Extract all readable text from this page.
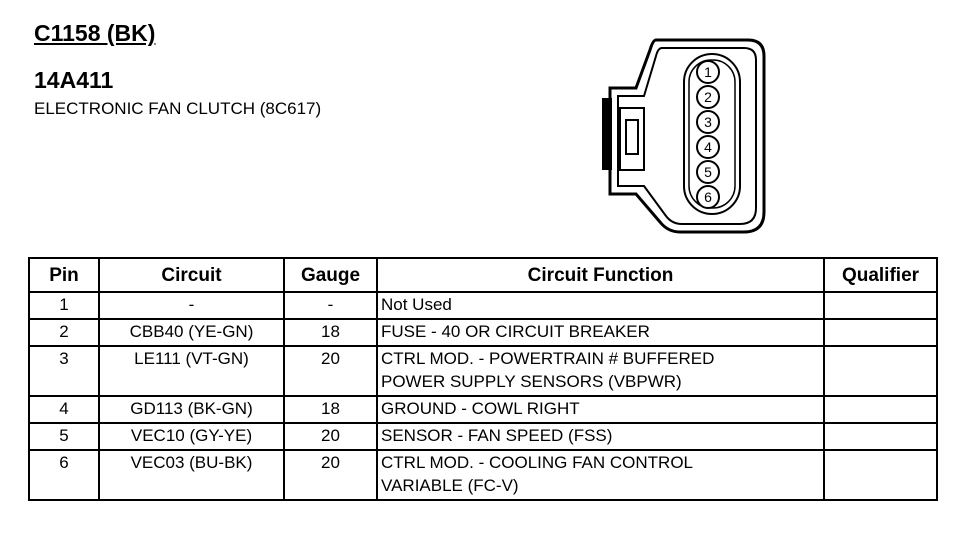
C1158 (BK)
14A411
ELECTRONIC FAN CLUTCH (8C617)
1
2
3
4
5
6
Pin	Circuit	Gauge	Circuit Function	Qualifier
1	-	-	Not Used	
2	CBB40 (YE-GN)	18	FUSE - 40 OR CIRCUIT BREAKER	
3	LE111 (VT-GN)	20	CTRL MOD. - POWERTRAIN # BUFFERED
POWER SUPPLY SENSORS (VBPWR)	

4	GD113 (BK-GN)	18	GROUND - COWL RIGHT	
5	VEC10 (GY-YE)	20	SENSOR - FAN SPEED (FSS)	
6	VEC03 (BU-BK)	20	CTRL MOD. - COOLING FAN CONTROL
VARIABLE (FC-V)	
